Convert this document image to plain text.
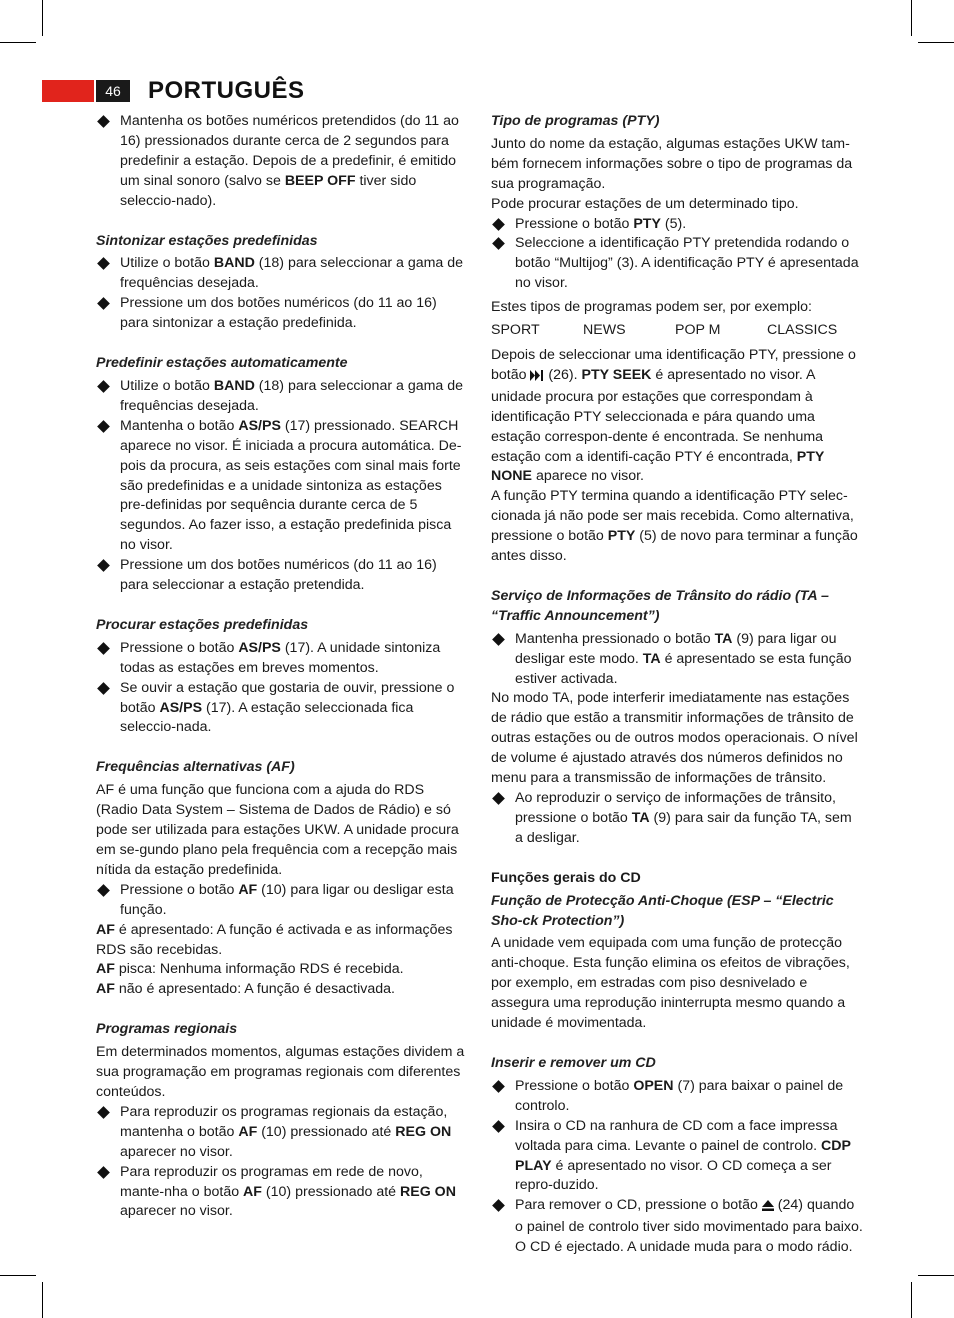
46	PORTUGUÊS

Mantenha os botões numéricos pretendidos (do 11 ao 16) pressionados durante cerca de 2 segundos para predefinir a estação. Depois de a predefinir, é emitido um sinal sonoro (salvo se BEEP OFF tiver sido seleccio-nado).

Sintonizar estações predefinidas

Utilize o botão BAND (18) para seleccionar a gama de frequências desejada.

Pressione um dos botões numéricos (do 11 ao 16) para sintonizar a estação predefinida.

Predefinir estações automaticamente

Utilize o botão BAND (18) para seleccionar a gama de frequências desejada.

Mantenha o botão AS/PS (17) pressionado. SEARCH aparece no visor. É iniciada a procura automática. De-pois da procura, as seis estações com sinal mais forte são predefinidas e a unidade sintoniza as estações pre-definidas por sequência durante cerca de 5 segundos. Ao fazer isso, a estação predefinida pisca no visor.

Pressione um dos botões numéricos (do 11 ao 16) para seleccionar a estação pretendida.

Procurar estações predefinidas

Pressione o botão AS/PS (17). A unidade sintoniza todas as estações em breves momentos.

Se ouvir a estação que gostaria de ouvir, pressione o botão AS/PS (17). A estação seleccionada fica seleccio-nada.

Frequências alternativas (AF)

AF é uma função que funciona com a ajuda do RDS (Radio Data System – Sistema de Dados de Rádio) e só pode ser utilizada para estações UKW. A unidade procura em se-gundo plano pela frequência com a recepção mais nítida da estação predefinida.

Pressione o botão AF (10) para ligar ou desligar esta função.

AF é apresentado: A função é activada e as informações RDS são recebidas.

AF pisca: Nenhuma informação RDS é recebida.

AF não é apresentado: A função é desactivada.

Programas regionais

Em determinados momentos, algumas estações dividem a sua programação em programas regionais com diferentes conteúdos.

Para reproduzir os programas regionais da estação, mantenha o botão AF (10) pressionado até REG ON aparecer no visor.

Para reproduzir os programas em rede de novo, mante-nha o botão AF (10) pressionado até REG ON aparecer no visor.

Tipo de programas (PTY)

Junto do nome da estação, algumas estações UKW tam-bém fornecem informações sobre o tipo de programas da sua programação.

Pode procurar estações de um determinado tipo.

Pressione o botão PTY (5).

Seleccione a identificação PTY pretendida rodando o botão “Multijog” (3). A identificação PTY é apresentada no visor.

Estes tipos de programas podem ser, por exemplo:

SPORT	NEWS	POP M	CLASSICS

Depois de seleccionar uma identificação PTY, pressione o botão  (26). PTY SEEK é apresentado no visor. A unidade procura por estações que correspondam à identificação PTY seleccionada e pára quando uma estação correspon-dente é encontrada. Se nenhuma estação com a identifi-cação PTY é encontrada, PTY NONE aparece no visor.

A função PTY termina quando a identificação PTY selec-cionada já não pode ser mais recebida. Como alternativa, pressione o botão PTY (5) de novo para terminar a função antes disso.

Serviço de Informações de Trânsito do rádio (TA – “Traffic Announcement”)

Mantenha pressionado o botão TA (9) para ligar ou desligar este modo. TA é apresentado se esta função estiver activada.

No modo TA, pode interferir imediatamente nas estações de rádio que estão a transmitir informações de trânsito de outras estações ou de outros modos operacionais. O nível de volume é ajustado através dos números definidos no menu para a transmissão de informações de trânsito.

Ao reproduzir o serviço de informações de trânsito, pressione o botão TA (9) para sair da função TA, sem a desligar.

Funções gerais do CD

Função de Protecção Anti-Choque (ESP – “Electric Sho-ck Protection”)

A unidade vem equipada com uma função de protecção anti-choque. Esta função elimina os efeitos de vibrações, por exemplo, em estradas com piso desnivelado e assegura uma reprodução ininterrupta mesmo quando a unidade é movimentada.

Inserir e remover um CD

Pressione o botão OPEN (7) para baixar o painel de controlo.

Insira o CD na ranhura de CD com a face impressa voltada para cima. Levante o painel de controlo. CDP PLAY é apresentado no visor. O CD começa a ser repro-duzido.

Para remover o CD, pressione o botão  (24) quando o painel de controlo tiver sido movimentado para baixo. O CD é ejectado. A unidade muda para o modo rádio.
